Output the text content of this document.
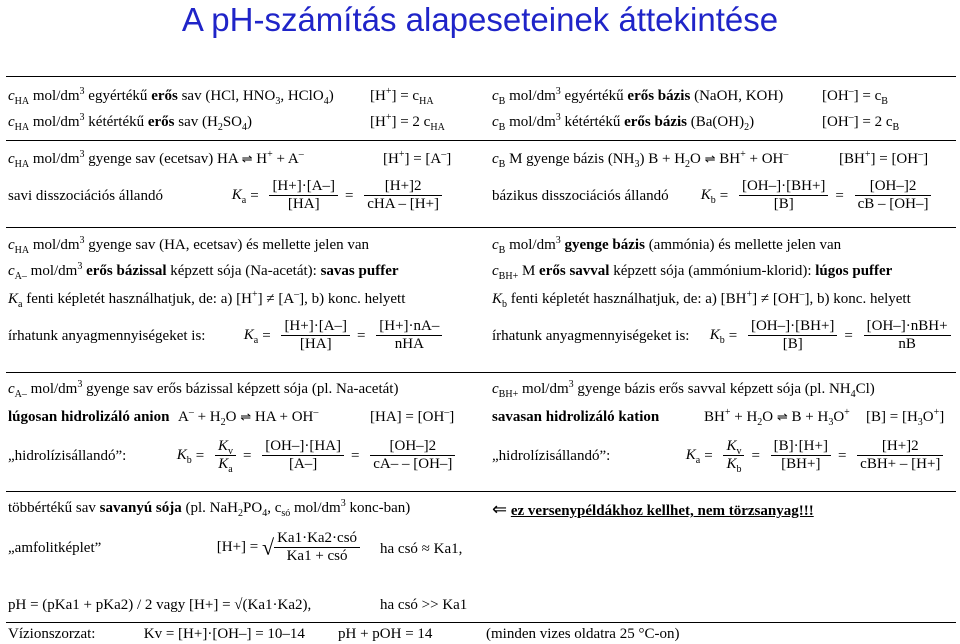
A pH-számítás alapeseteinek áttekintése
$c_{HA}$ mol/$dm^3$ egyértékű erős sav (HCl, $HNO_3$, HClO$_4$) $[H^+] = c_{HA}$
$c_{HA}$ mol/$dm^3$ kétértékű erős sav $(H_2SO_4)$	[H+] = 2 $c_{HA}$
$c_{HA}$ mol/$dm^3$ gyenge sav (ecetsav) HA ⇌ H+ + A–	[H+] = [A–]
savi disszociációs állandó	$K_a = \frac{[H+]\cdot[A-]}{[HA]} = \frac{[H+]2}{\text{cHA – [H+]}}$
$c_{HA}$ mol/$dm^3$ gyenge sav (HA, ecetsav) és mellette jelen van
$c_{A-}$ mol/$dm^3$ erős bázissal képzett sója (Na-acetát): savas puffer
$K_a$ fenti képletét használhatjuk, de: a) [H+] ≠ [A–], b) konc. helyett
írhatunk anyagmennyiségeket is:	$K_a = \frac{[H+]\cdot[A-]}{[HA]} = \frac{[H+]\cdot nA-}{\text{nHA}}$
$c_{A-}$ mol/$dm^3$ gyenge sav erős bázissal képzett sója (pl. Na-acetát)
lúgosan hidrolizáló anion $A^- + H_2O$ ⇌ HA + OH–	[HA] = [OH–]
„hidrolízisállandó”:	$K_b = \frac{K_v}{K_a} = \frac{[OH-]\cdot[HA]}{[A-]} = \frac{[OH-]2}{cA- - [OH-]}$
többértékű sav savanyú sója (pl. $NaH_2PO_4$, $c_{só}$ mol/$dm^3$ konc-ban)
„amfolitképlet”	[H+] = √ $\frac{\text{Ka1·Ka2·csó}}{\text{Ka1 + csó}}$ ha csó ≈ Ka1,
pH = (pKa1 + pKa2) / 2 vagy [H+] = √(Ka1·Ka2),	ha csó >> Ka1
Vízionszorzat:	Kv = [H+]·[OH–] = 10–14 pH + pOH = 14	(minden vizes oldatra 25 °C-on)
$c_B$ mol/$dm^3$ egyértékű erős bázis (NaOH, KOH)	$[OH^-] = c_B$
$c_B$ mol/$dm^3$ kétértékű erős bázis $(Ba(OH)_2)$	[OH–] = 2 $c_B$
$c_B$ M gyenge bázis $(NH_3) B + H_2O$ ⇌ BH+ + OH–	[BH+] = [OH–]
bázikus disszociációs állandó $K_b = \frac{[OH-]\cdot[BH+]}{[B]} = \frac{[OH-]2}{cB - [OH-]}$
$c_B$ mol/$dm^3$ gyenge bázis (ammónia) és mellette jelen van
$c_{BH+}$ M erős savval képzett sója (ammónium-klorid): lúgos puffer
$K_b$ fenti képletét használhatjuk, de: a) [BH+] ≠ [OH–], b) konc. helyett
írhatunk anyagmennyiségeket is: $K_b = \frac{[OH-]\cdot[BH+]}{[B]} = \frac{\text{[OH–]·nBH+}}{nB}$
$c_{BH+}$ mol/$dm^3$ gyenge bázis erős savval képzett sója (pl. $NH_4Cl$)
savasan hidrolizáló kation	$BH^+ + H_2O$ ⇌ $B + H_3O^+$ $[B] = [H_3O^+]$
„hidrolízisállandó”:	$K_a = \frac{K_v}{K_b} = \frac{[B]\cdot[H+]}{[BH+]} = \frac{[H+]2}{\text{cBH+ – [H+]}}$
⇐ ez versenypéldákhoz kellhet, nem törzsanyag!!!
